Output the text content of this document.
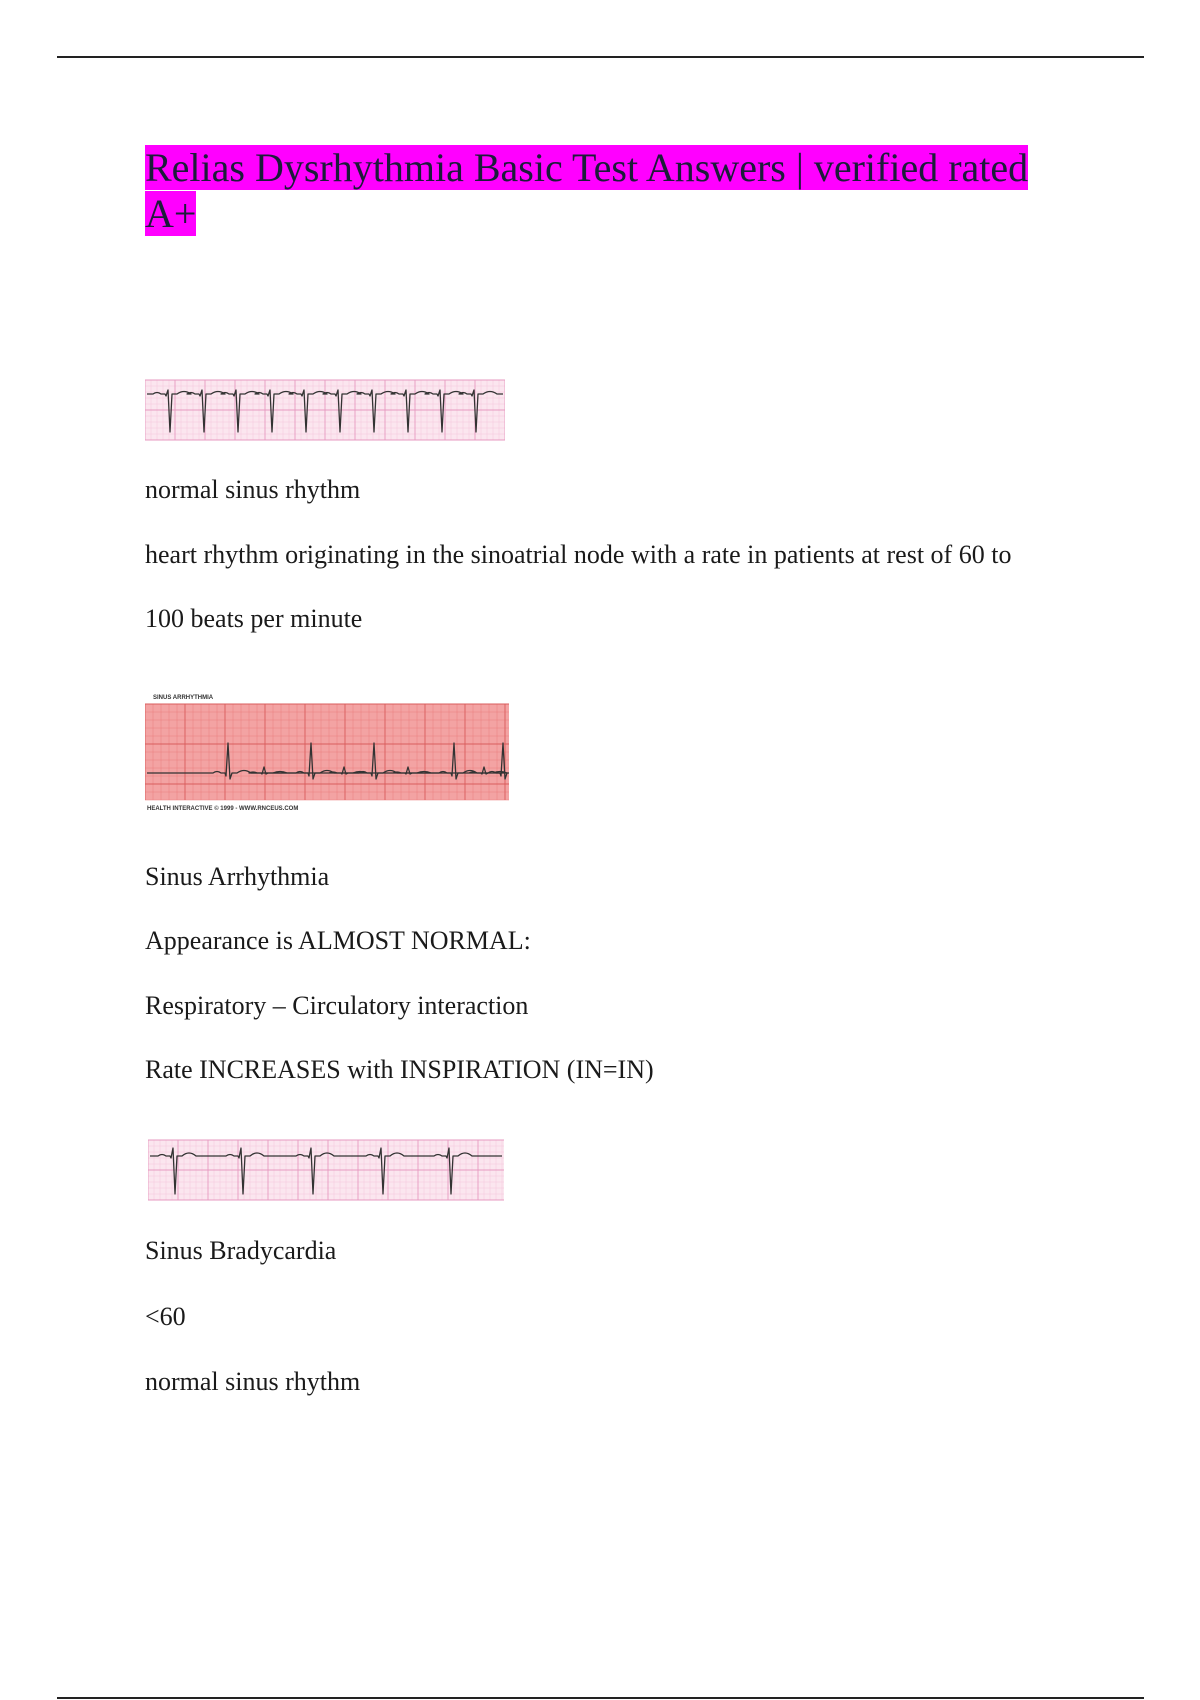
Relias Dysrhythmia Basic Test Answers | verified rated A+

normal sinus rhythm

heart rhythm originating in the sinoatrial node with a rate in patients at rest of 60 to

100 beats per minute

SINUS ARRHYTHMIA
HEALTH INTERACTIVE © 1999 - WWW.RNCEUS.COM

Sinus Arrhythmia

Appearance is ALMOST NORMAL:

Respiratory – Circulatory interaction

Rate INCREASES with INSPIRATION (IN=IN)

Sinus Bradycardia

<60

normal sinus rhythm
